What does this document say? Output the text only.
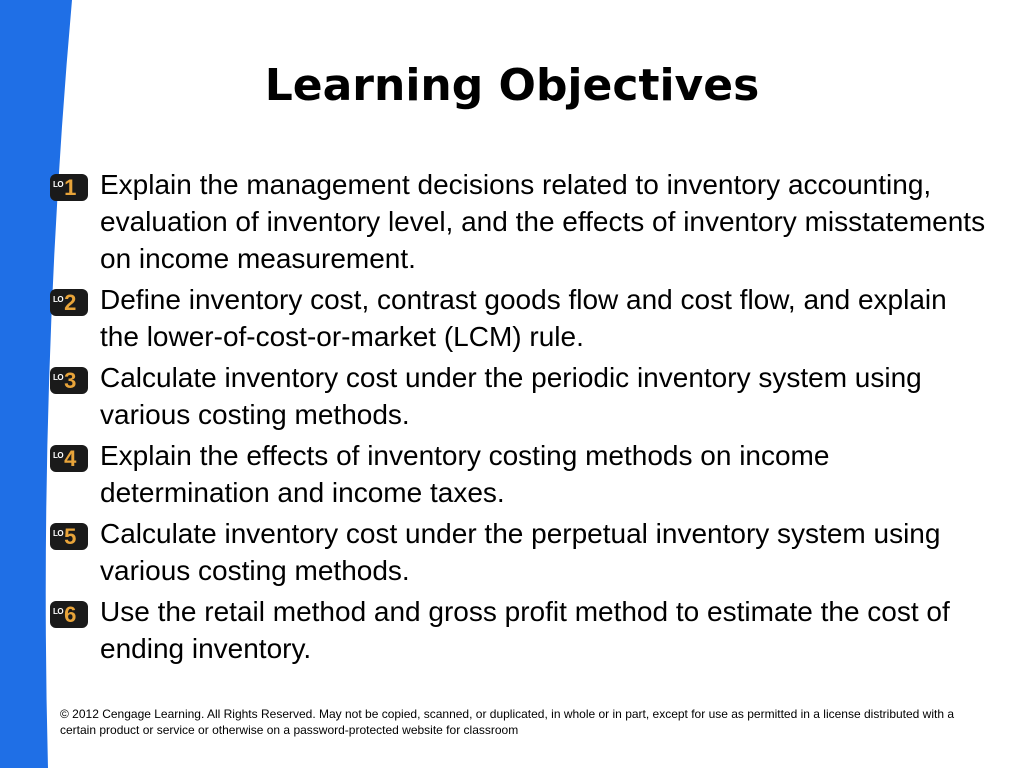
Learning Objectives
LO 1 Explain the management decisions related to inventory accounting, evaluation of inventory level, and the effects of inventory misstatements on income measurement.
LO 2 Define inventory cost, contrast goods flow and cost flow, and explain the lower-of-cost-or-market (LCM) rule.
LO 3 Calculate inventory cost under the periodic inventory system using various costing methods.
LO 4 Explain the effects of inventory costing methods on income determination and income taxes.
LO 5 Calculate inventory cost under the perpetual inventory system using various costing methods.
LO 6 Use the retail method and gross profit method to estimate the cost of ending inventory.

© 2012 Cengage Learning. All Rights Reserved. May not be copied, scanned, or duplicated, in whole or in part, except for use as permitted in a license distributed with a certain product or service or otherwise on a password-protected website for classroom
